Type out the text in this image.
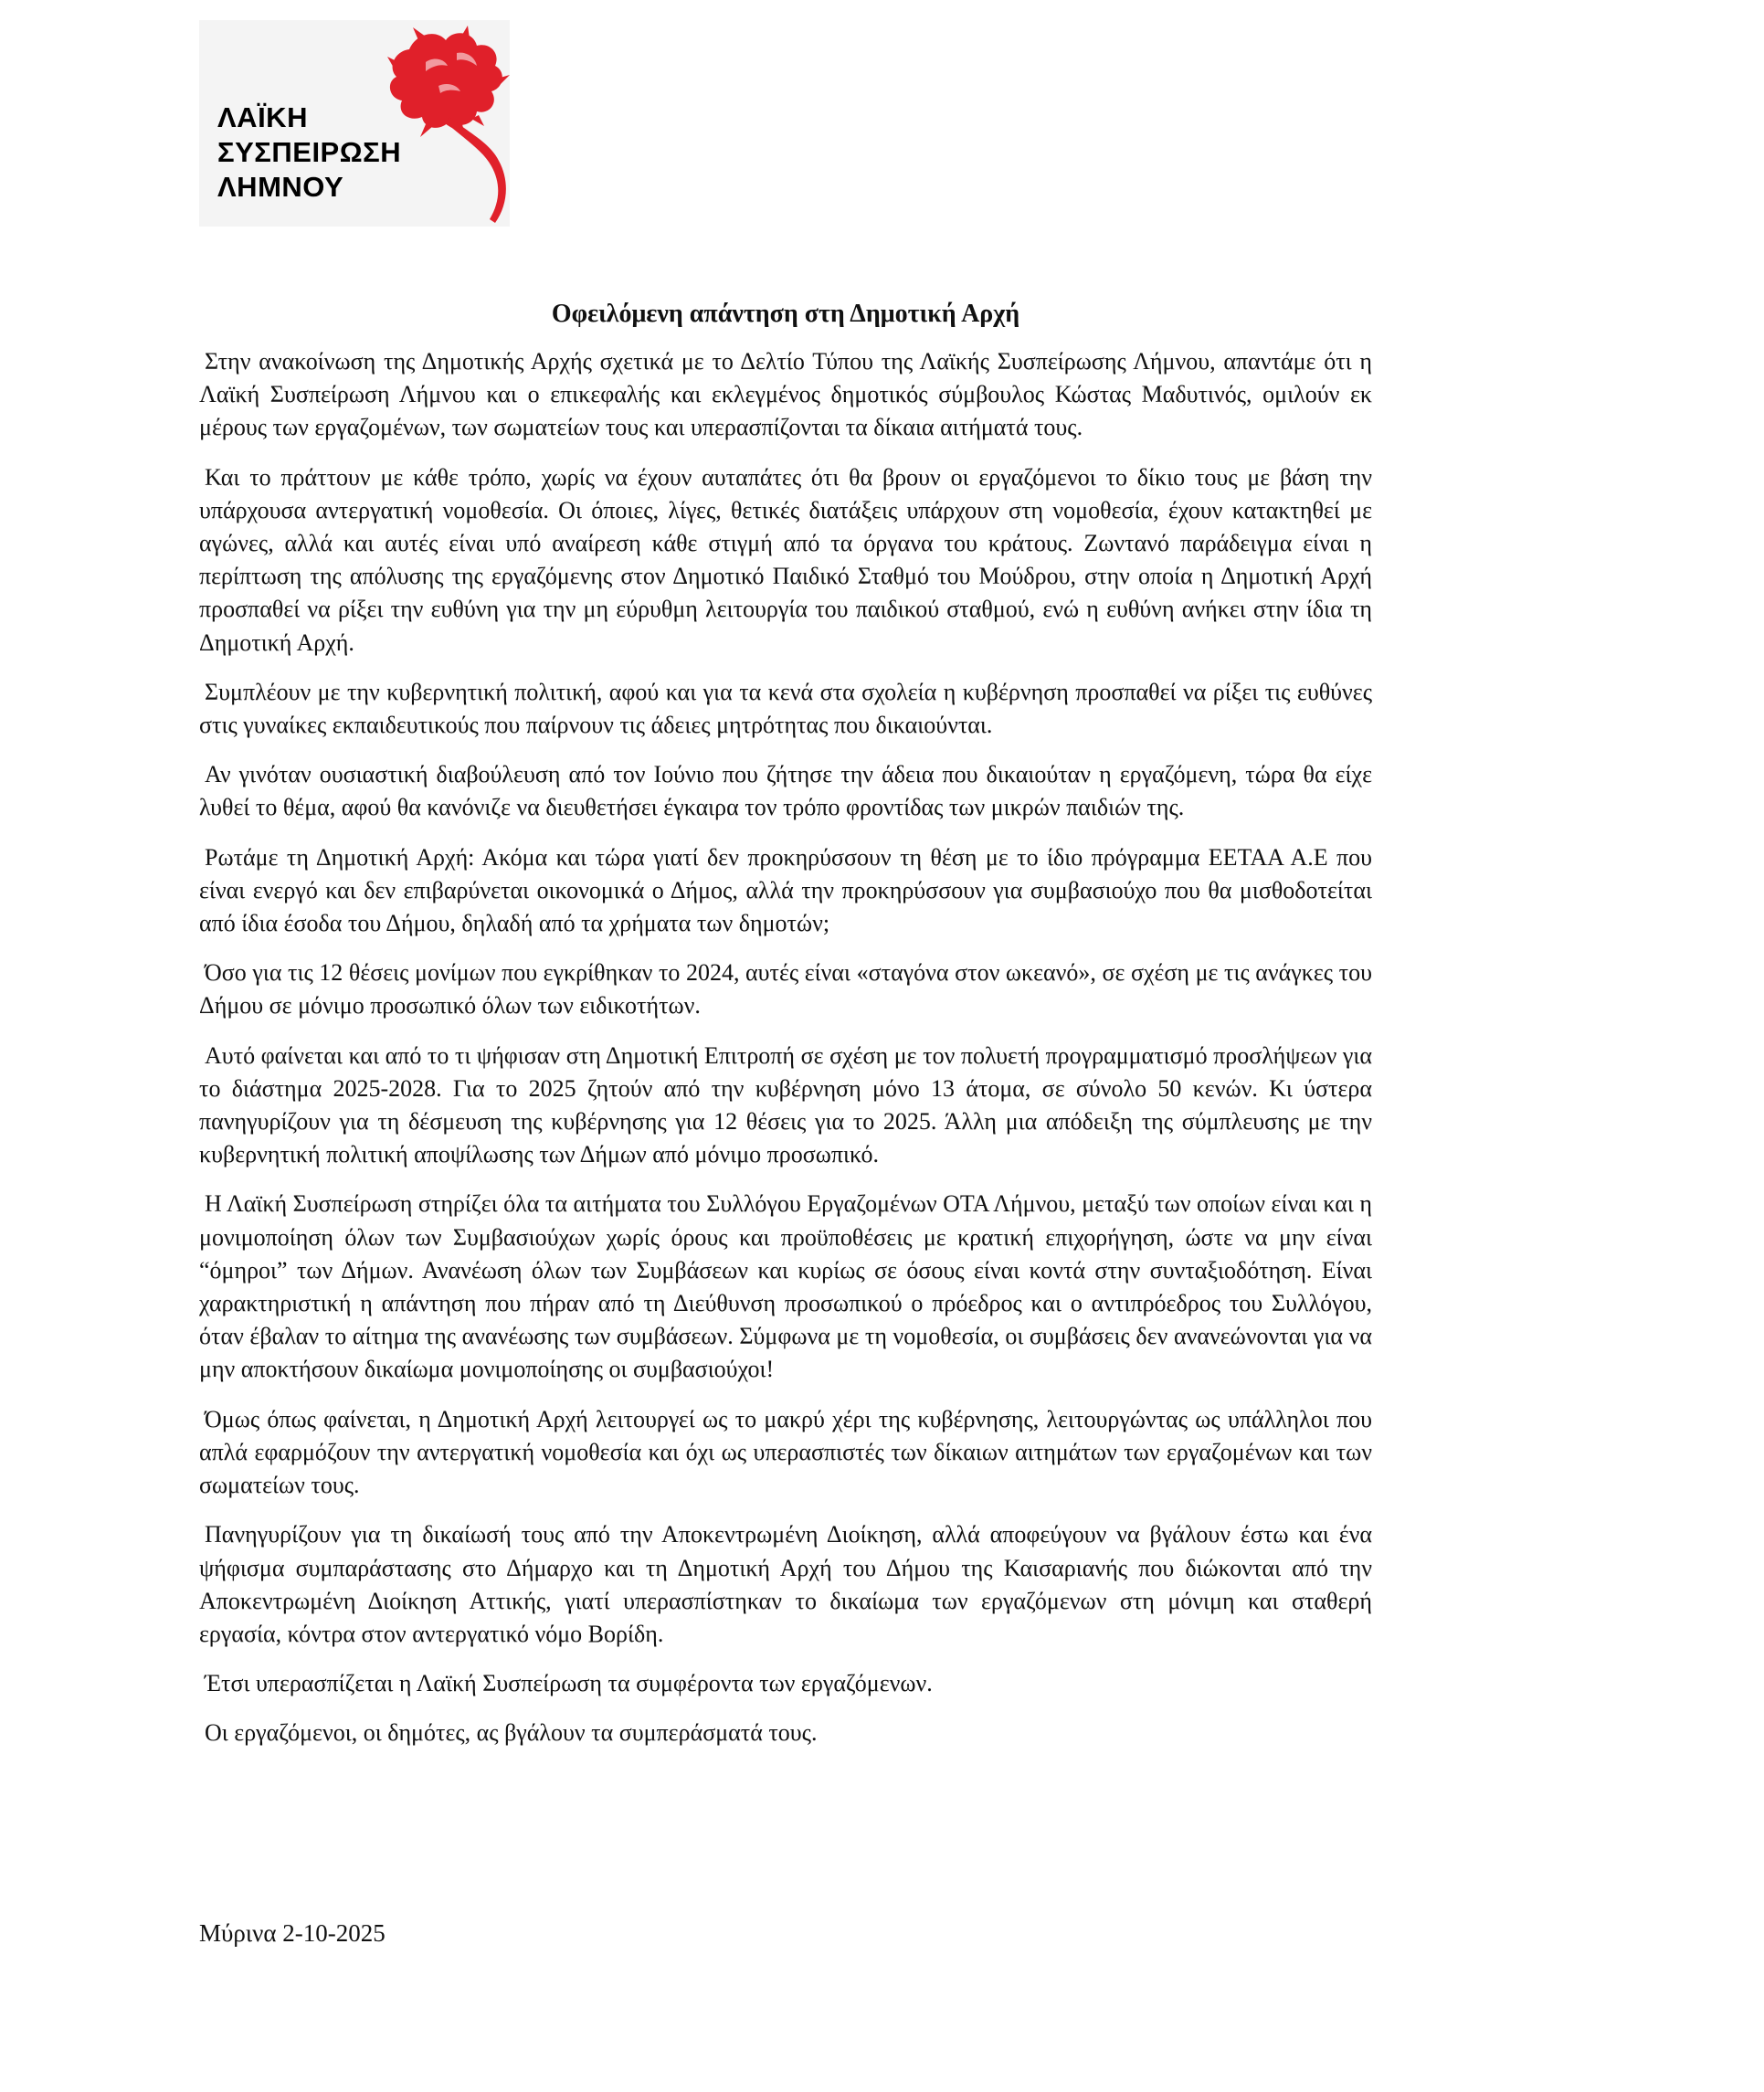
ΛΑΪΚΗ
ΣΥΣΠΕΙΡΩΣΗ
ΛΗΜΝΟΥ
Οφειλόμενη απάντηση στη Δημοτική Αρχή

Στην ανακοίνωση της Δημοτικής Αρχής σχετικά με το Δελτίο Τύπου της Λαϊκής Συσπείρωσης Λήμνου, απαντάμε ότι η Λαϊκή Συσπείρωση Λήμνου και ο επικεφαλής και εκλεγμένος δημοτικός σύμβουλος Κώστας Μαδυτινός, ομιλούν εκ μέρους των εργαζομένων, των σωματείων τους και υπερασπίζονται τα δίκαια αιτήματά τους.

Και το πράττουν με κάθε τρόπο, χωρίς να έχουν αυταπάτες ότι θα βρουν οι εργαζόμενοι το δίκιο τους με βάση την υπάρχουσα αντεργατική νομοθεσία. Οι όποιες, λίγες, θετικές διατάξεις υπάρχουν στη νομοθεσία, έχουν κατακτηθεί με αγώνες, αλλά και αυτές είναι υπό αναίρεση κάθε στιγμή από τα όργανα του κράτους. Ζωντανό παράδειγμα είναι η περίπτωση της απόλυσης της εργαζόμενης στον Δημοτικό Παιδικό Σταθμό του Μούδρου, στην οποία η Δημοτική Αρχή προσπαθεί να ρίξει την ευθύνη για την μη εύρυθμη λειτουργία του παιδικού σταθμού, ενώ η ευθύνη ανήκει στην ίδια τη Δημοτική Αρχή.

Συμπλέουν με την κυβερνητική πολιτική, αφού και για τα κενά στα σχολεία η κυβέρνηση προσπαθεί να ρίξει τις ευθύνες στις γυναίκες εκπαιδευτικούς που παίρνουν τις άδειες μητρότητας που δικαιούνται.

Αν γινόταν ουσιαστική διαβούλευση από τον Ιούνιο που ζήτησε την άδεια που δικαιούταν η εργαζόμενη, τώρα θα είχε λυθεί το θέμα, αφού θα κανόνιζε να διευθετήσει έγκαιρα τον τρόπο φροντίδας των μικρών παιδιών της.

Ρωτάμε τη Δημοτική Αρχή: Ακόμα και τώρα γιατί δεν προκηρύσσουν τη θέση με το ίδιο πρόγραμμα ΕΕΤΑΑ Α.Ε που είναι ενεργό και δεν επιβαρύνεται οικονομικά ο Δήμος, αλλά την προκηρύσσουν για συμβασιούχο που θα μισθοδοτείται από ίδια έσοδα του Δήμου, δηλαδή από τα χρήματα των δημοτών;

Όσο για τις 12 θέσεις μονίμων που εγκρίθηκαν το 2024, αυτές είναι «σταγόνα στον ωκεανό», σε σχέση με τις ανάγκες του Δήμου σε μόνιμο προσωπικό όλων των ειδικοτήτων.

Αυτό φαίνεται και από το τι ψήφισαν στη Δημοτική Επιτροπή σε σχέση με τον πολυετή προγραμματισμό προσλήψεων για το διάστημα 2025-2028. Για το 2025 ζητούν από την κυβέρνηση μόνο 13 άτομα, σε σύνολο 50 κενών. Κι ύστερα πανηγυρίζουν για τη δέσμευση της κυβέρνησης για 12 θέσεις για το 2025. Άλλη μια απόδειξη της σύμπλευσης με την κυβερνητική πολιτική αποψίλωσης των Δήμων από μόνιμο προσωπικό.

Η Λαϊκή Συσπείρωση στηρίζει όλα τα αιτήματα του Συλλόγου Εργαζομένων ΟΤΑ Λήμνου, μεταξύ των οποίων είναι και η μονιμοποίηση όλων των Συμβασιούχων χωρίς όρους και προϋποθέσεις με κρατική επιχορήγηση, ώστε να μην είναι “όμηροι” των Δήμων. Ανανέωση όλων των Συμβάσεων και κυρίως σε όσους είναι κοντά στην συνταξιοδότηση. Είναι χαρακτηριστική η απάντηση που πήραν από τη Διεύθυνση προσωπικού ο πρόεδρος και ο αντιπρόεδρος του Συλλόγου, όταν έβαλαν το αίτημα της ανανέωσης των συμβάσεων. Σύμφωνα με τη νομοθεσία, οι συμβάσεις δεν ανανεώνονται για να μην αποκτήσουν δικαίωμα μονιμοποίησης οι συμβασιούχοι!

Όμως όπως φαίνεται, η Δημοτική Αρχή λειτουργεί ως το μακρύ χέρι της κυβέρνησης, λειτουργώντας ως υπάλληλοι που απλά εφαρμόζουν την αντεργατική νομοθεσία και όχι ως υπερασπιστές των δίκαιων αιτημάτων των εργαζομένων και των σωματείων τους.

Πανηγυρίζουν για τη δικαίωσή τους από την Αποκεντρωμένη Διοίκηση, αλλά αποφεύγουν να βγάλουν έστω και ένα ψήφισμα συμπαράστασης στο Δήμαρχο και τη Δημοτική Αρχή του Δήμου της Καισαριανής που διώκονται από την Αποκεντρωμένη Διοίκηση Αττικής, γιατί υπερασπίστηκαν το δικαίωμα των εργαζόμενων στη μόνιμη και σταθερή εργασία, κόντρα στον αντεργατικό νόμο Βορίδη.

Έτσι υπερασπίζεται η Λαϊκή Συσπείρωση τα συμφέροντα των εργαζόμενων.

Οι εργαζόμενοι, οι δημότες, ας βγάλουν τα συμπεράσματά τους.

Μύρινα 2-10-2025
